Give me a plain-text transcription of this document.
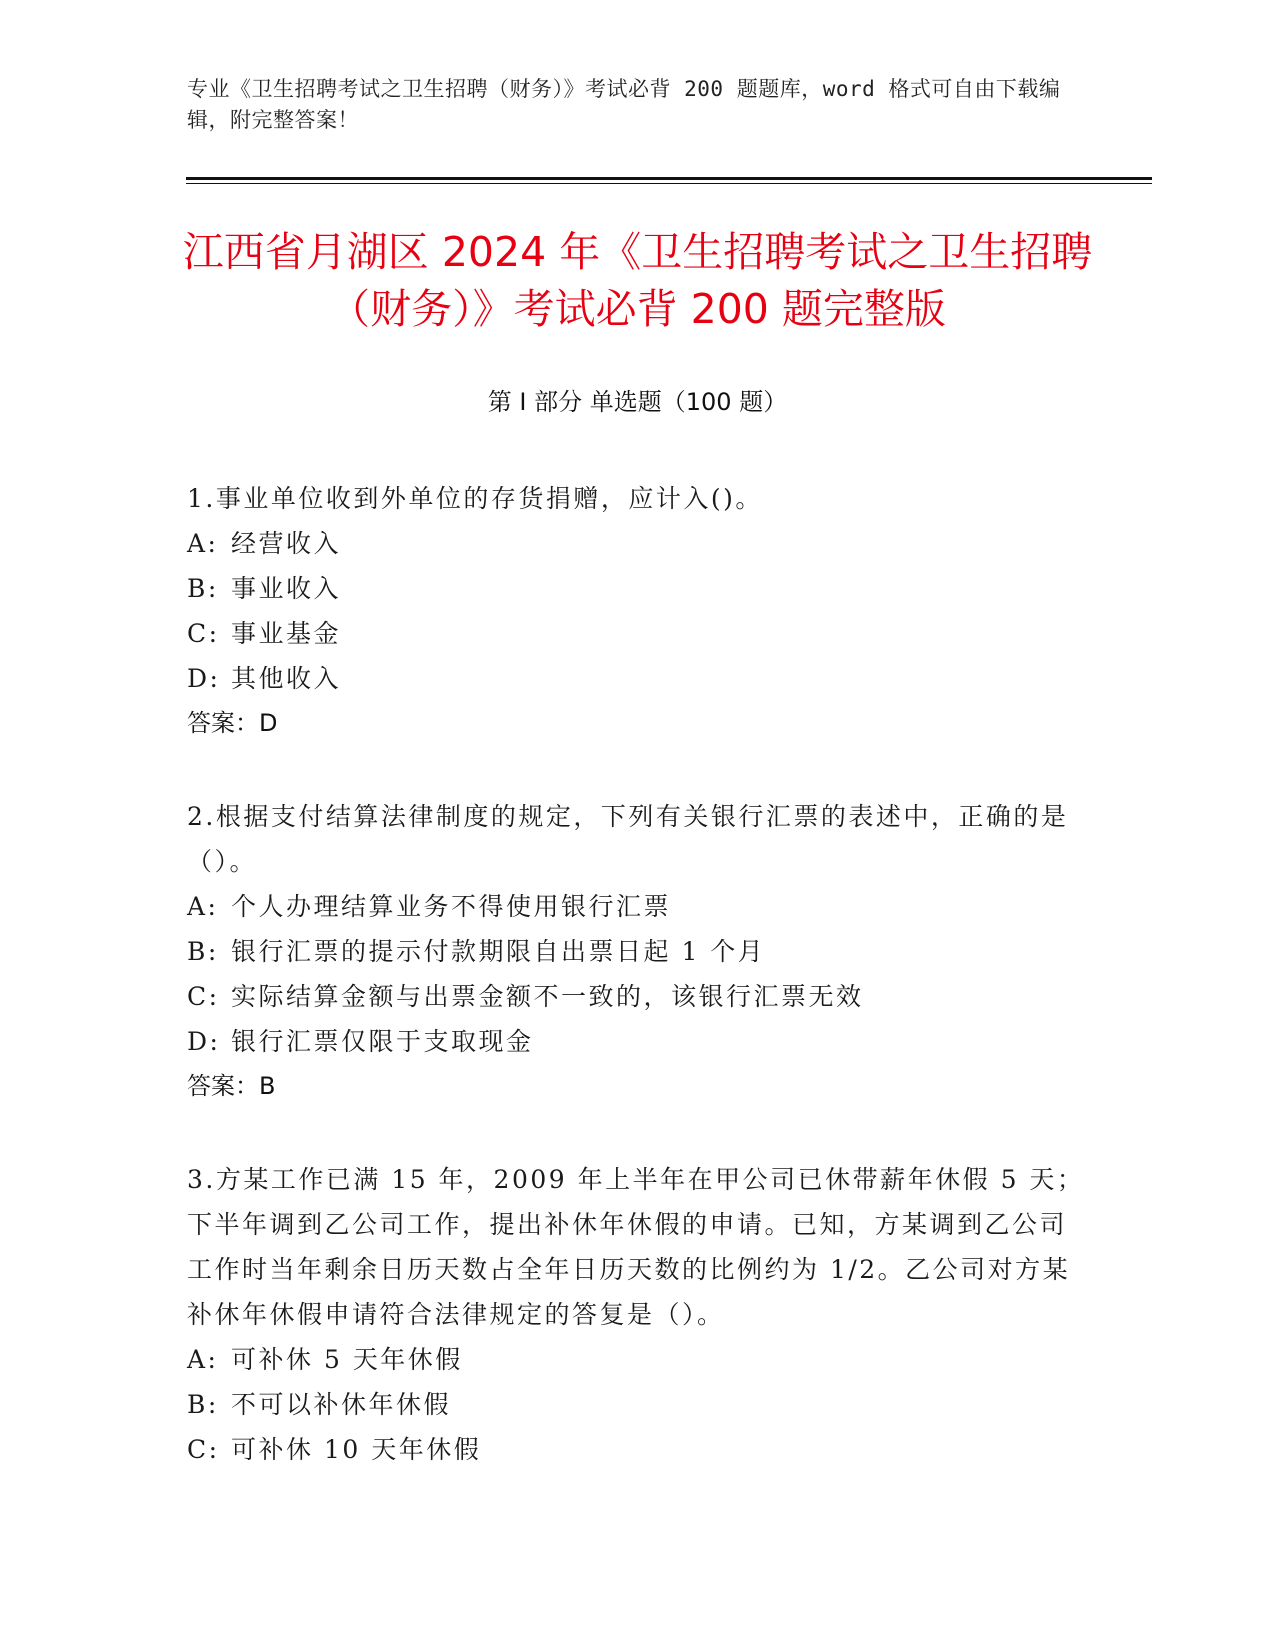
专业《卫生招聘考试之卫生招聘（财务）》考试必背 200 题题库，word 格式可自由下载编辑，附完整答案！
江西省月湖区 2024 年《卫生招聘考试之卫生招聘（财务）》考试必背 200 题完整版
第 I 部分 单选题（100 题）

1.事业单位收到外单位的存货捐赠，应计入()。

A: 经营收入

B: 事业收入

C: 事业基金

D: 其他收入

答案：D

2.根据支付结算法律制度的规定，下列有关银行汇票的表述中，正确的是（）。

A: 个人办理结算业务不得使用银行汇票

B: 银行汇票的提示付款期限自出票日起 1 个月

C: 实际结算金额与出票金额不一致的，该银行汇票无效

D: 银行汇票仅限于支取现金

答案：B

3.方某工作已满 15 年，2009 年上半年在甲公司已休带薪年休假 5 天；下半年调到乙公司工作，提出补休年休假的申请。已知，方某调到乙公司工作时当年剩余日历天数占全年日历天数的比例约为 1/2。乙公司对方某补休年休假申请符合法律规定的答复是（）。

A: 可补休 5 天年休假

B: 不可以补休年休假

C: 可补休 10 天年休假
